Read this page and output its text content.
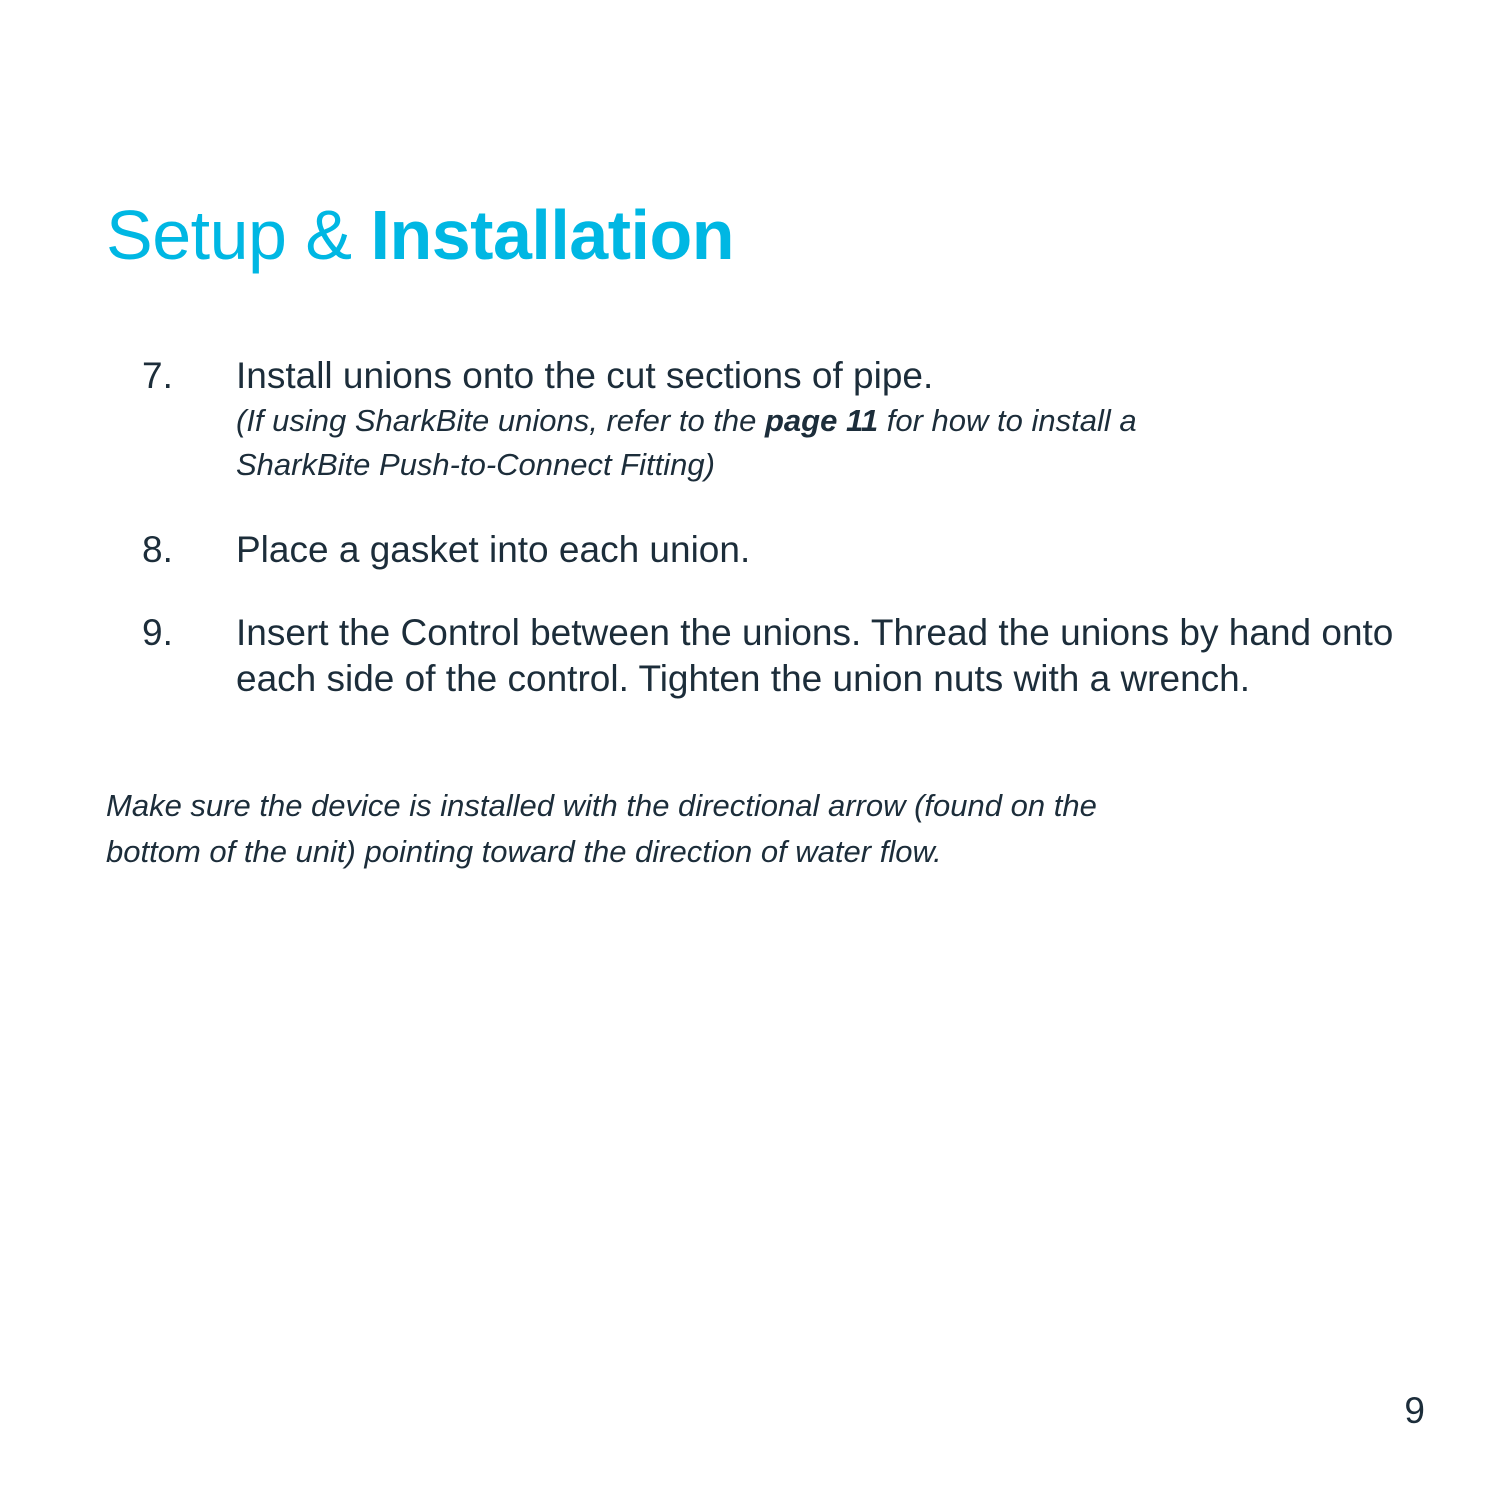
Setup & Installation
7. Install unions onto the cut sections of pipe.

(If using SharkBite unions, refer to the page 11 for how to install a

SharkBite Push-to-Connect Fitting)

8. Place a gasket into each union.

9. Insert the Control between the unions. Thread the unions by hand onto each side of the control. Tighten the union nuts with a wrench.

Make sure the device is installed with the directional arrow (found on the
bottom of the unit) pointing toward the direction of water flow.

9
